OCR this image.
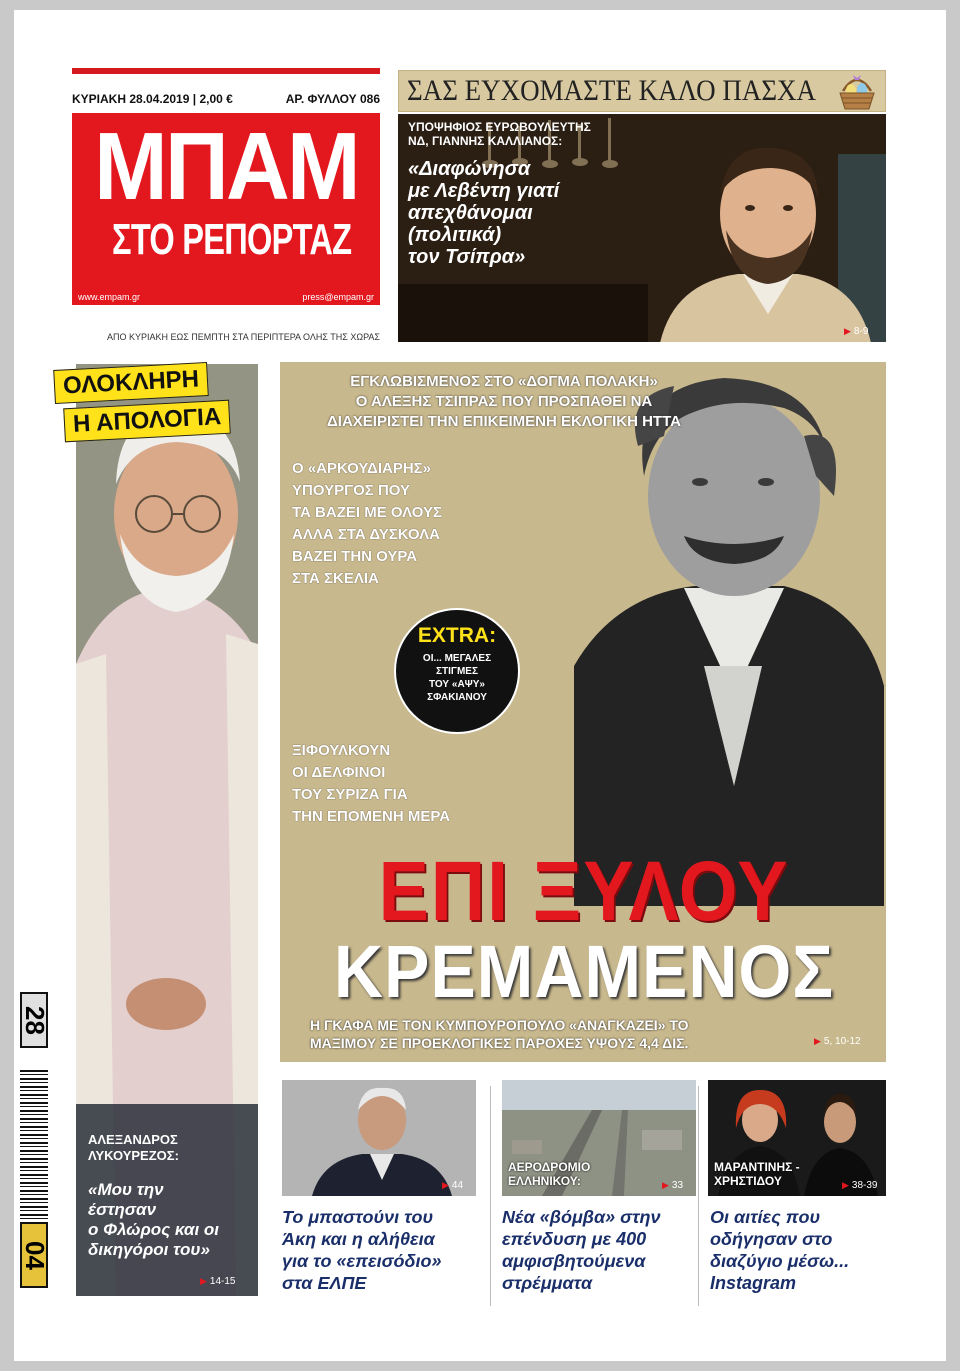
ΚΥΡΙΑΚΗ 28.04.2019 | 2,00 €	ΑΡ. ΦΥΛΛΟΥ 086
ΜΠΑΜ
ΣΤΟ ΡΕΠΟΡΤΑΖ
www.empam.gr	press@empam.gr
ΑΠΟ ΚΥΡΙΑΚΗ ΕΩΣ ΠΕΜΠΤΗ ΣΤΑ ΠΕΡΙΠΤΕΡΑ ΟΛΗΣ ΤΗΣ ΧΩΡΑΣ
ΣΑΣ ΕΥΧΟΜΑΣΤΕ ΚΑΛΟ ΠΑΣΧΑ
ΥΠΟΨΗΦΙΟΣ ΕΥΡΩΒΟΥΛΕΥΤΗΣ
ΝΔ, ΓΙΑΝΝΗΣ ΚΑΛΛΙΑΝΟΣ:
«Διαφώνησα
με Λεβέντη γιατί
απεχθάνομαι
(πολιτικά)
τον Τσίπρα»
▶ 8-9
ΟΛΟΚΛΗΡΗ
Η ΑΠΟΛΟΓΙΑ
ΑΛΕΞΑΝΔΡΟΣ
ΛΥΚΟΥΡΕΖΟΣ:
«Μου την
έστησαν
ο Φλώρος και οι
δικηγόροι του»
▶ 14-15
28
04
ΕΓΚΛΩΒΙΣΜΕΝΟΣ ΣΤΟ «ΔΟΓΜΑ ΠΟΛΑΚΗ»
Ο ΑΛΕΞΗΣ ΤΣΙΠΡΑΣ ΠΟΥ ΠΡΟΣΠΑΘΕΙ ΝΑ
ΔΙΑΧΕΙΡΙΣΤΕΙ ΤΗΝ ΕΠΙΚΕΙΜΕΝΗ ΕΚΛΟΓΙΚΗ ΗΤΤΑ
Ο «ΑΡΚΟΥΔΙΑΡΗΣ»
ΥΠΟΥΡΓΟΣ ΠΟΥ
ΤΑ ΒΑΖΕΙ ΜΕ ΟΛΟΥΣ
ΑΛΛΑ ΣΤΑ ΔΥΣΚΟΛΑ
ΒΑΖΕΙ ΤΗΝ ΟΥΡΑ
ΣΤΑ ΣΚΕΛΙΑ
EXTRA:
ΟΙ... ΜΕΓΑΛΕΣ
ΣΤΙΓΜΕΣ
ΤΟΥ «ΑΨΥ»
ΣΦΑΚΙΑΝΟΥ
ΞΙΦΟΥΛΚΟΥΝ
ΟΙ ΔΕΛΦΙΝΟΙ
ΤΟΥ ΣΥΡΙΖΑ ΓΙΑ
ΤΗΝ ΕΠΟΜΕΝΗ ΜΕΡΑ
ΕΠΙ ΞΥΛΟΥ
ΚΡΕΜΑΜΕΝΟΣ
Η ΓΚΑΦΑ ΜΕ ΤΟΝ ΚΥΜΠΟΥΡΟΠΟΥΛΟ «ΑΝΑΓΚΑΖΕΙ» ΤΟ
ΜΑΞΙΜΟΥ ΣΕ ΠΡΟΕΚΛΟΓΙΚΕΣ ΠΑΡΟΧΕΣ ΥΨΟΥΣ 4,4 ΔΙΣ.	▶ 5, 10-12
▶ 44
Το μπαστούνι του
Άκη και η αλήθεια
για το «επεισόδιο»
στα ΕΛΠΕ
ΑΕΡΟΔΡΟΜΙΟ
ΕΛΛΗΝΙΚΟΥ:	▶ 33
Νέα «βόμβα» στην
επένδυση με 400
αμφισβητούμενα
στρέμματα
ΜΑΡΑΝΤΙΝΗΣ -
ΧΡΗΣΤΙΔΟΥ	▶ 38-39
Οι αιτίες που
οδήγησαν στο
διαζύγιο μέσω...
Instagram
